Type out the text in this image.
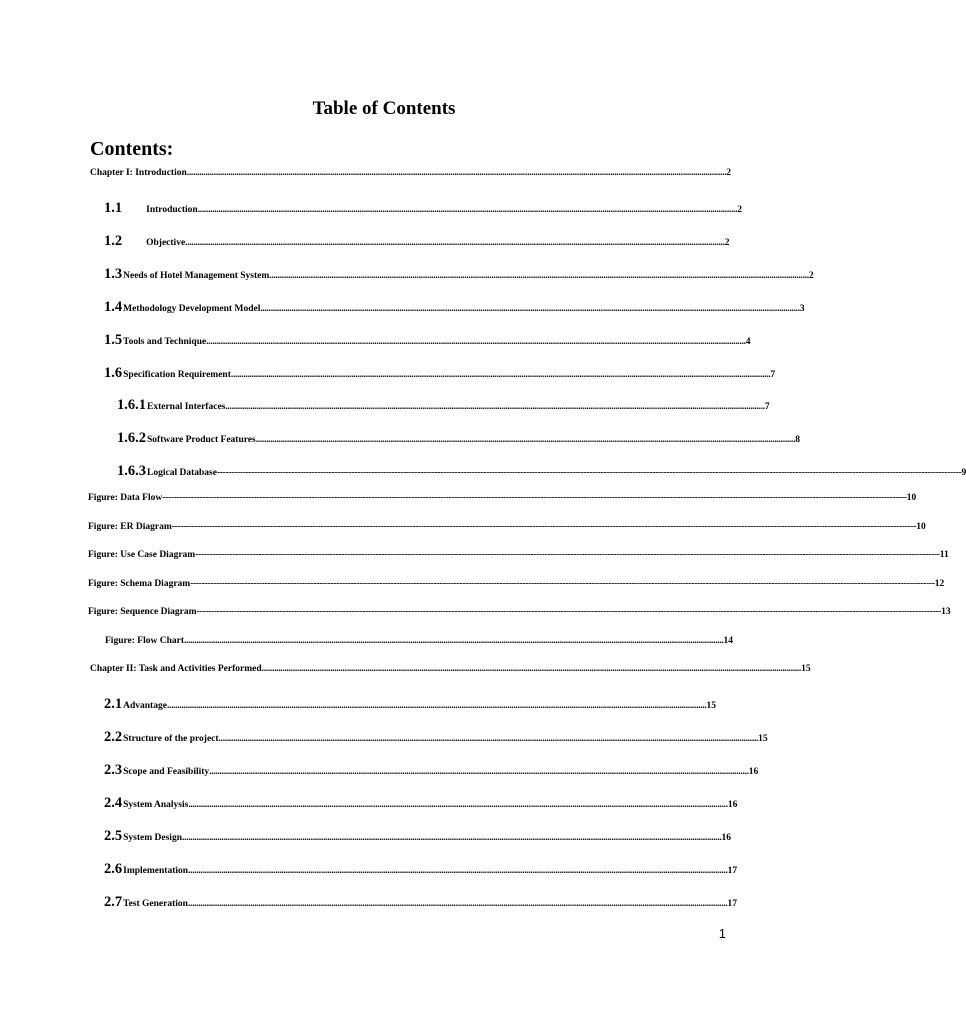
Table of Contents
Contents:
Chapter I: Introduction .................................................................................................................................................................................................................................................................... 2
1.1	Introduction .................................................................................................................................................................................................................................................................... 2
1.2	Objective .................................................................................................................................................................................................................................................................... 2
1.3 Needs of Hotel Management System .................................................................................................................................................................................................................................................................... 2
1.4 Methodology Development Model .................................................................................................................................................................................................................................................................... 3
1.5 Tools and Technique .................................................................................................................................................................................................................................................................... 4
1.6 Specification Requirement .................................................................................................................................................................................................................................................................... 7
1.6.1 External Interfaces .................................................................................................................................................................................................................................................................... 7
1.6.2 Software Product Features .................................................................................................................................................................................................................................................................... 8
1.6.3 Logical Database -------------------------------------------------------------------------------------------------------------------------------------------------------------------------------------------------------------------------------------------------------------------- 9
Figure: Data Flow -------------------------------------------------------------------------------------------------------------------------------------------------------------------------------------------------------------------------------------------------------------------- 10
Figure: ER Diagram -------------------------------------------------------------------------------------------------------------------------------------------------------------------------------------------------------------------------------------------------------------------- 10
Figure: Use Case Diagram -------------------------------------------------------------------------------------------------------------------------------------------------------------------------------------------------------------------------------------------------------------------- 11
Figure: Schema Diagram -------------------------------------------------------------------------------------------------------------------------------------------------------------------------------------------------------------------------------------------------------------------- 12
Figure: Sequence Diagram -------------------------------------------------------------------------------------------------------------------------------------------------------------------------------------------------------------------------------------------------------------------- 13
Figure: Flow Chart .................................................................................................................................................................................................................................................................... 14
Chapter II: Task and Activities Performed .................................................................................................................................................................................................................................................................... 15
2.1 Advantage .................................................................................................................................................................................................................................................................... 15
2.2 Structure of the project .................................................................................................................................................................................................................................................................... 15
2.3 Scope and Feasibility .................................................................................................................................................................................................................................................................... 16
2.4 System Analysis .................................................................................................................................................................................................................................................................... 16
2.5 System Design .................................................................................................................................................................................................................................................................... 16
2.6 Implementation .................................................................................................................................................................................................................................................................... 17
2.7 Test Generation .................................................................................................................................................................................................................................................................... 17
1
